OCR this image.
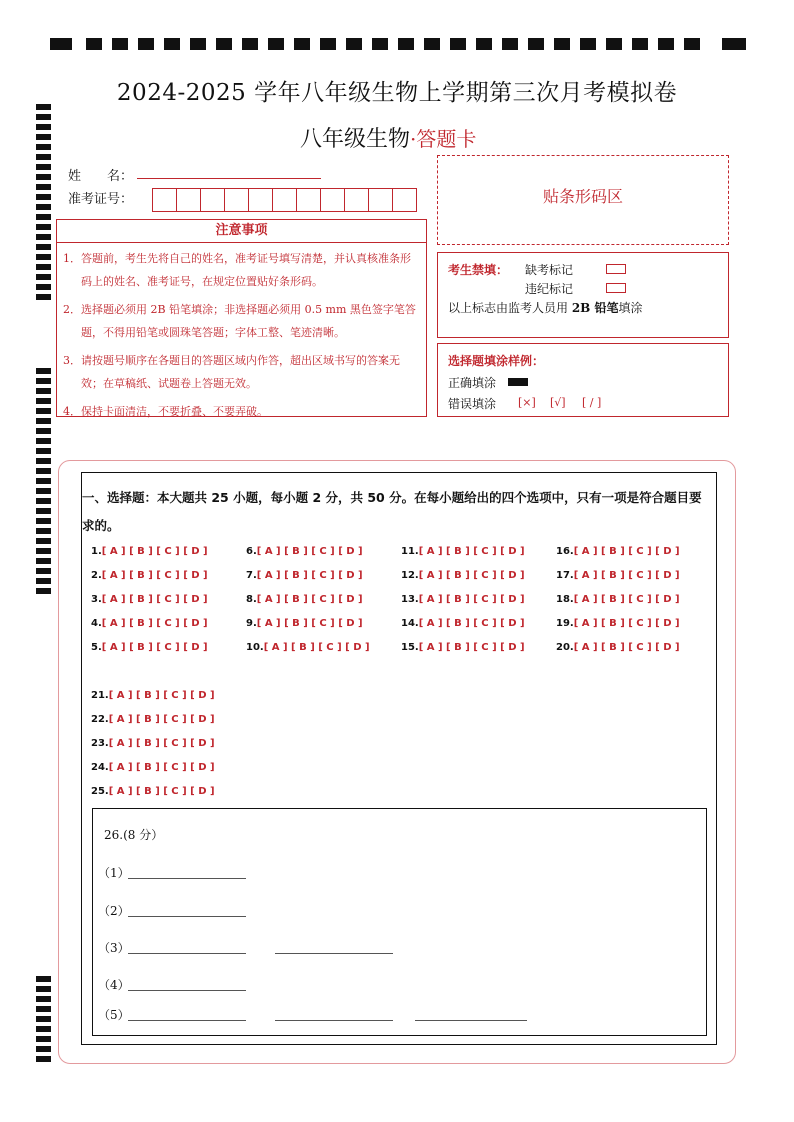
2024-2025 学年八年级生物上学期第三次月考模拟卷
八年级生物·答题卡
姓　　名：
准考证号：
注意事项

1．答题前，考生先将自己的姓名，准考证号填写清楚，并认真核准条形码上的姓名、准考证号，在规定位置贴好条形码。

2．选择题必须用 2B 铅笔填涂；非选择题必须用 0.5 mm 黑色签字笔答题，不得用铅笔或圆珠笔答题；字体工整、笔迹清晰。

3．请按题号顺序在各题目的答题区域内作答，超出区域书写的答案无效；在草稿纸、试题卷上答题无效。

4．保持卡面清洁，不要折叠、不要弄破。

贴条形码区
考生禁填： 缺考标记
违纪标记
以上标志由监考人员用 2B 铅笔填涂
选择题填涂样例：
正确填涂
错误填涂 [×] [√] [ / ]
一、选择题：本大题共 25 小题，每小题 2 分，共 50 分。在每小题给出的四个选项中，只有一项是符合题目要求的。
1.[ A ] [ B ] [ C ] [ D ]
2.[ A ] [ B ] [ C ] [ D ]
3.[ A ] [ B ] [ C ] [ D ]
4.[ A ] [ B ] [ C ] [ D ]
5.[ A ] [ B ] [ C ] [ D ]
6.[ A ] [ B ] [ C ] [ D ]
7.[ A ] [ B ] [ C ] [ D ]
8.[ A ] [ B ] [ C ] [ D ]
9.[ A ] [ B ] [ C ] [ D ]
10.[ A ] [ B ] [ C ] [ D ]
11.[ A ] [ B ] [ C ] [ D ]
12.[ A ] [ B ] [ C ] [ D ]
13.[ A ] [ B ] [ C ] [ D ]
14.[ A ] [ B ] [ C ] [ D ]
15.[ A ] [ B ] [ C ] [ D ]
16.[ A ] [ B ] [ C ] [ D ]
17.[ A ] [ B ] [ C ] [ D ]
18.[ A ] [ B ] [ C ] [ D ]
19.[ A ] [ B ] [ C ] [ D ]
20.[ A ] [ B ] [ C ] [ D ]
21.[ A ] [ B ] [ C ] [ D ]
22.[ A ] [ B ] [ C ] [ D ]
23.[ A ] [ B ] [ C ] [ D ]
24.[ A ] [ B ] [ C ] [ D ]
25.[ A ] [ B ] [ C ] [ D ]
26.(8 分）
（1）
（2）
（3）
（4）
（5）
